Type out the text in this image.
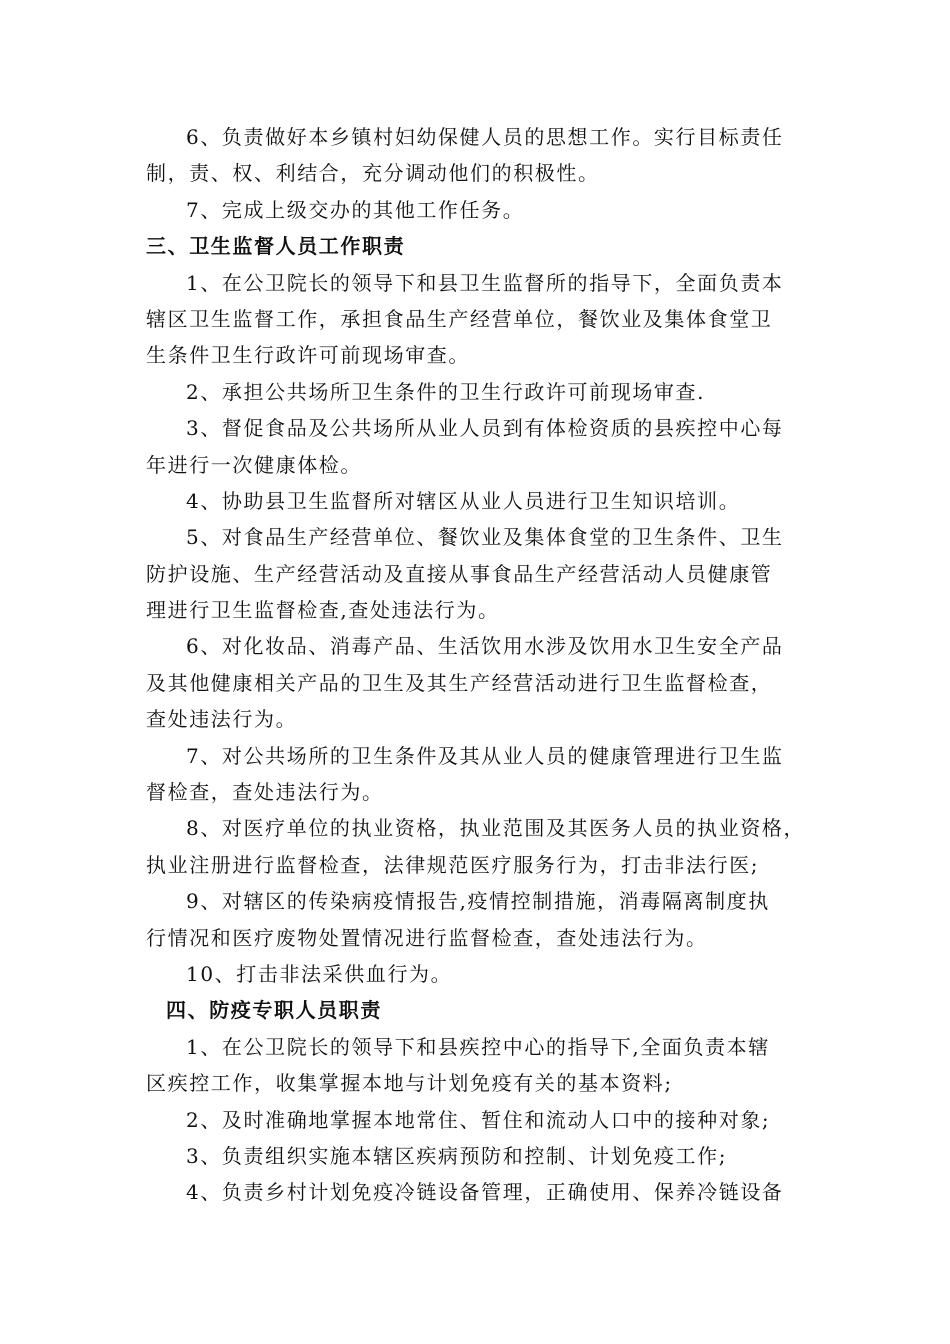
6、负责做好本乡镇村妇幼保健人员的思想工作。实行目标责任
制，责、权、利结合，充分调动他们的积极性。
7、完成上级交办的其他工作任务。
三、卫生监督人员工作职责
1、在公卫院长的领导下和县卫生监督所的指导下，全面负责本
辖区卫生监督工作，承担食品生产经营单位，餐饮业及集体食堂卫
生条件卫生行政许可前现场审查。
2、承担公共场所卫生条件的卫生行政许可前现场审查.
3、督促食品及公共场所从业人员到有体检资质的县疾控中心每
年进行一次健康体检。
4、协助县卫生监督所对辖区从业人员进行卫生知识培训。
5、对食品生产经营单位、餐饮业及集体食堂的卫生条件、卫生
防护设施、生产经营活动及直接从事食品生产经营活动人员健康管
理进行卫生监督检查,查处违法行为。
6、对化妆品、消毒产品、生活饮用水涉及饮用水卫生安全产品
及其他健康相关产品的卫生及其生产经营活动进行卫生监督检查，
查处违法行为。
7、对公共场所的卫生条件及其从业人员的健康管理进行卫生监
督检查，查处违法行为。
8、对医疗单位的执业资格，执业范围及其医务人员的执业资格，
执业注册进行监督检查，法律规范医疗服务行为，打击非法行医;
9、对辖区的传染病疫情报告,疫情控制措施，消毒隔离制度执
行情况和医疗废物处置情况进行监督检查，查处违法行为。
10、打击非法采供血行为。
四、防疫专职人员职责
1、在公卫院长的领导下和县疾控中心的指导下,全面负责本辖
区疾控工作，收集掌握本地与计划免疫有关的基本资料;
2、及时准确地掌握本地常住、暂住和流动人口中的接种对象;
3、负责组织实施本辖区疾病预防和控制、计划免疫工作;
4、负责乡村计划免疫冷链设备管理，正确使用、保养冷链设备
